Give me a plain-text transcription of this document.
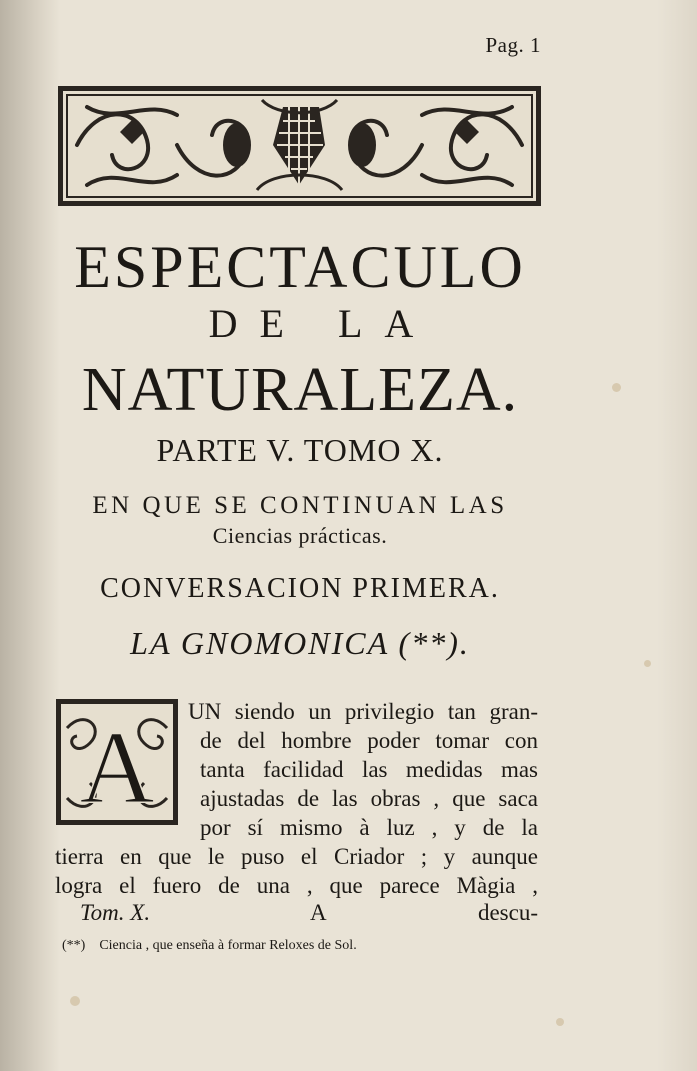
Pag. 1
ESPECTACULO
DE LA
NATURALEZA.
PARTE V. TOMO X.
EN QUE SE CONTINUAN LAS
Ciencias prácticas.
CONVERSACION PRIMERA.
LA GNOMONICA (**).
A UN siendo un privilegio tan gran-
de del hombre poder tomar con
tanta facilidad las medidas mas
ajustadas de las obras , que saca
por sí mismo à luz , y de la
tierra en que le puso el Criador ; y aunque
logra el fuero de una , que parece Màgia ,
Tom. X.	A	descu-
(**) Ciencia , que enseña à formar Reloxes de Sol.
